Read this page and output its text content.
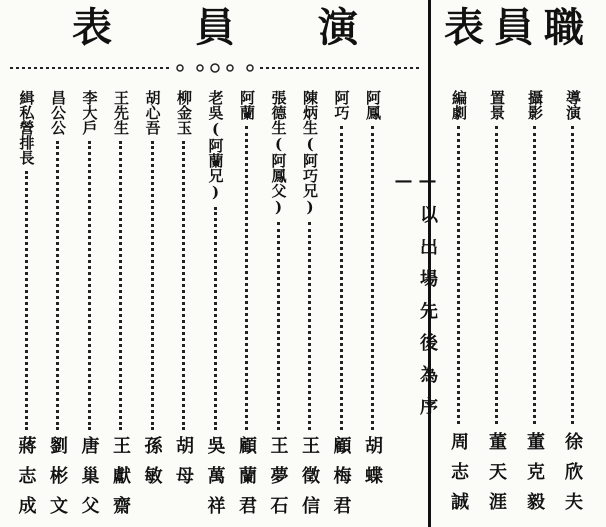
表 員 演
—
阿鳳
胡蝶
阿巧
顧梅君
陳炳生(阿巧兄)
王徵信
張德生(阿鳳父)
王夢石
阿蘭
顧蘭君
老吳(阿蘭兄)
吳萬祥
柳金玉
胡母
胡心吾
孫敏
王先生
王獻齋
李大戶
唐巢父
昌公公
劉彬文
緝私營排長
蔣志成
表 員 職
導演
徐欣夫
攝影
董克毅
置景
董天涯
編劇
周志誠
